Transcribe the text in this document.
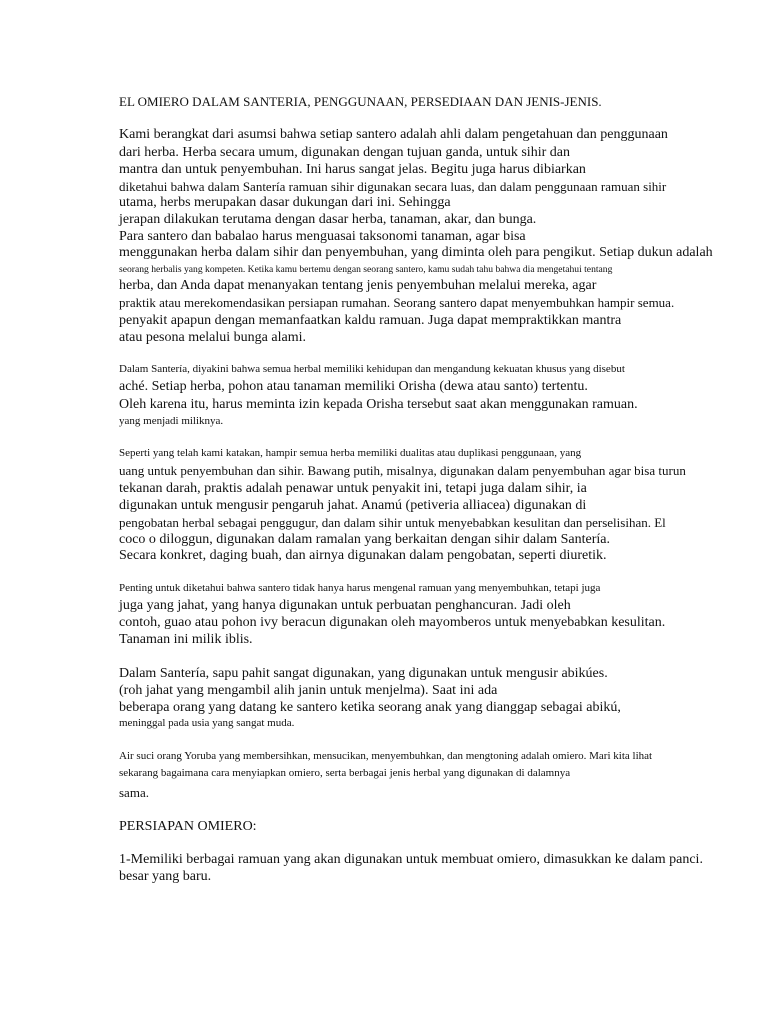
EL OMIERO DALAM SANTERIA, PENGGUNAAN, PERSEDIAAN DAN JENIS-JENIS.

Kami berangkat dari asumsi bahwa setiap santero adalah ahli dalam pengetahuan dan penggunaan

dari herba. Herba secara umum, digunakan dengan tujuan ganda, untuk sihir dan

mantra dan untuk penyembuhan. Ini harus sangat jelas. Begitu juga harus dibiarkan

diketahui bahwa dalam Santería ramuan sihir digunakan secara luas, dan dalam penggunaan ramuan sihir

utama, herbs merupakan dasar dukungan dari ini. Sehingga

jerapan dilakukan terutama dengan dasar herba, tanaman, akar, dan bunga.

Para santero dan babalao harus menguasai taksonomi tanaman, agar bisa

menggunakan herba dalam sihir dan penyembuhan, yang diminta oleh para pengikut. Setiap dukun adalah

seorang herbalis yang kompeten. Ketika kamu bertemu dengan seorang santero, kamu sudah tahu bahwa dia mengetahui tentang

herba, dan Anda dapat menanyakan tentang jenis penyembuhan melalui mereka, agar

praktik atau merekomendasikan persiapan rumahan. Seorang santero dapat menyembuhkan hampir semua.

penyakit apapun dengan memanfaatkan kaldu ramuan. Juga dapat mempraktikkan mantra

atau pesona melalui bunga alami.

Dalam Santería, diyakini bahwa semua herbal memiliki kehidupan dan mengandung kekuatan khusus yang disebut

aché. Setiap herba, pohon atau tanaman memiliki Orisha (dewa atau santo) tertentu.

Oleh karena itu, harus meminta izin kepada Orisha tersebut saat akan menggunakan ramuan.

yang menjadi miliknya.

Seperti yang telah kami katakan, hampir semua herba memiliki dualitas atau duplikasi penggunaan, yang

uang untuk penyembuhan dan sihir. Bawang putih, misalnya, digunakan dalam penyembuhan agar bisa turun

tekanan darah, praktis adalah penawar untuk penyakit ini, tetapi juga dalam sihir, ia

digunakan untuk mengusir pengaruh jahat. Anamú (petiveria alliacea) digunakan di

pengobatan herbal sebagai penggugur, dan dalam sihir untuk menyebabkan kesulitan dan perselisihan. El

coco o diloggun, digunakan dalam ramalan yang berkaitan dengan sihir dalam Santería.

Secara konkret, daging buah, dan airnya digunakan dalam pengobatan, seperti diuretik.

Penting untuk diketahui bahwa santero tidak hanya harus mengenal ramuan yang menyembuhkan, tetapi juga

juga yang jahat, yang hanya digunakan untuk perbuatan penghancuran. Jadi oleh

contoh, guao atau pohon ivy beracun digunakan oleh mayomberos untuk menyebabkan kesulitan.

Tanaman ini milik iblis.

Dalam Santería, sapu pahit sangat digunakan, yang digunakan untuk mengusir abikúes.

(roh jahat yang mengambil alih janin untuk menjelma). Saat ini ada

beberapa orang yang datang ke santero ketika seorang anak yang dianggap sebagai abikú,

meninggal pada usia yang sangat muda.

Air suci orang Yoruba yang membersihkan, mensucikan, menyembuhkan, dan mengtoning adalah omiero. Mari kita lihat

sekarang bagaimana cara menyiapkan omiero, serta berbagai jenis herbal yang digunakan di dalamnya

sama.

PERSIAPAN OMIERO:

1-Memiliki berbagai ramuan yang akan digunakan untuk membuat omiero, dimasukkan ke dalam panci.

besar yang baru.
